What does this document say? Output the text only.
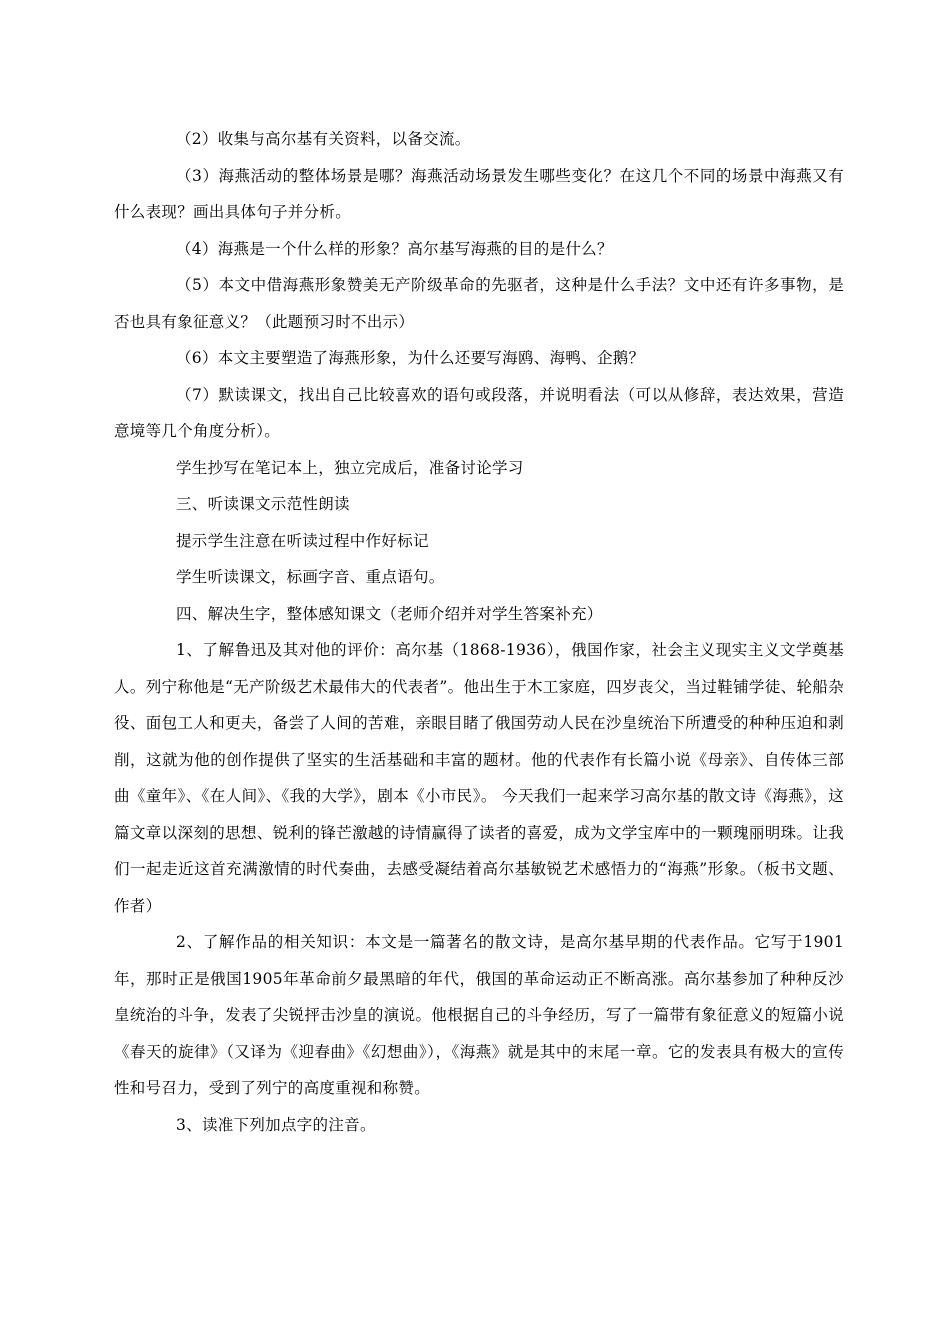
（2）收集与高尔基有关资料，以备交流。

（3）海燕活动的整体场景是哪？海燕活动场景发生哪些变化？在这几个不同的场景中海燕又有什么表现？画出具体句子并分析。

（4）海燕是一个什么样的形象？高尔基写海燕的目的是什么？

（5）本文中借海燕形象赞美无产阶级革命的先驱者，这种是什么手法？文中还有许多事物，是否也具有象征意义？（此题预习时不出示）

（6）本文主要塑造了海燕形象，为什么还要写海鸥、海鸭、企鹅？

（7）默读课文，找出自己比较喜欢的语句或段落，并说明看法（可以从修辞，表达效果，营造意境等几个角度分析）。

学生抄写在笔记本上，独立完成后，准备讨论学习

三、听读课文示范性朗读

提示学生注意在听读过程中作好标记

学生听读课文，标画字音、重点语句。

四、解决生字，整体感知课文（老师介绍并对学生答案补充）

1、了解鲁迅及其对他的评价：高尔基（1868-1936），俄国作家，社会主义现实主义文学奠基人。列宁称他是“无产阶级艺术最伟大的代表者”。他出生于木工家庭，四岁丧父，当过鞋铺学徒、轮船杂役、面包工人和更夫，备尝了人间的苦难，亲眼目睹了俄国劳动人民在沙皇统治下所遭受的种种压迫和剥削，这就为他的创作提供了坚实的生活基础和丰富的题材。他的代表作有长篇小说《母亲》、自传体三部曲《童年》、《在人间》、《我的大学》，剧本《小市民》。 今天我们一起来学习高尔基的散文诗《海燕》，这篇文章以深刻的思想、锐利的锋芒激越的诗情赢得了读者的喜爱，成为文学宝库中的一颗瑰丽明珠。让我们一起走近这首充满激情的时代奏曲，去感受凝结着高尔基敏锐艺术感悟力的“海燕”形象。（板书文题、作者）

2、了解作品的相关知识：本文是一篇著名的散文诗，是高尔基早期的代表作品。它写于1901年，那时正是俄国1905年革命前夕最黑暗的年代，俄国的革命运动正不断高涨。高尔基参加了种种反沙皇统治的斗争，发表了尖锐抨击沙皇的演说。他根据自己的斗争经历，写了一篇带有象征意义的短篇小说《春天的旋律》（又译为《迎春曲》《幻想曲》），《海燕》就是其中的末尾一章。它的发表具有极大的宣传性和号召力，受到了列宁的高度重视和称赞。

3、读准下列加点字的注音。
